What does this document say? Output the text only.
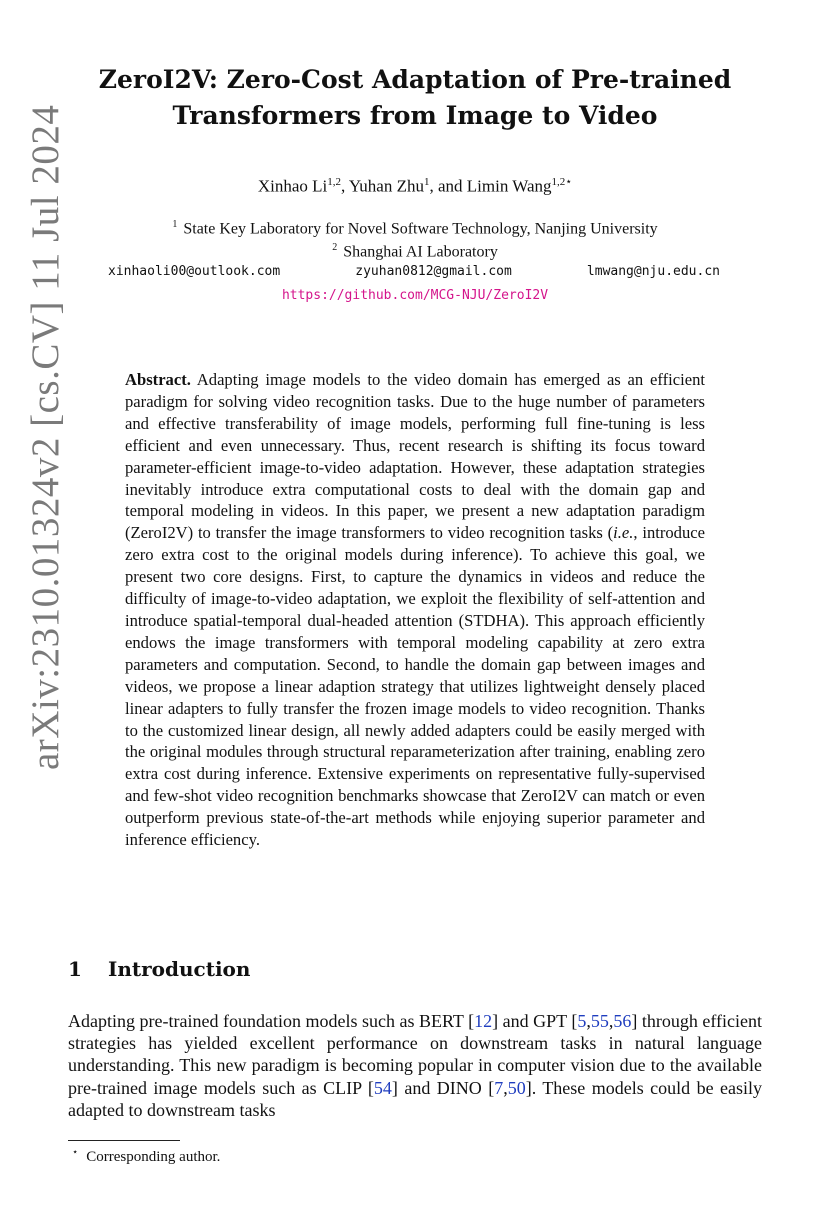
arXiv:2310.01324v2 [cs.CV] 11 Jul 2024
ZeroI2V: Zero-Cost Adaptation of Pre-trained
Transformers from Image to Video
Xinhao Li$^{1,2}$, Yuhan Zhu$^1$, and Limin Wang$^{1,2⋆}$
$^1$ State Key Laboratory for Novel Software Technology, Nanjing University
$^2$ Shanghai AI Laboratory
xinhaoli00@outlook.com	zyuhan0812@gmail.com	lmwang@nju.edu.cn
https://github.com/MCG-NJU/ZeroI2V
Abstract. Adapting image models to the video domain has emerged as an efficient paradigm for solving video recognition tasks. Due to the huge number of parameters and effective transferability of image models, performing full fine-tuning is less efficient and even unnecessary. Thus, recent research is shifting its focus toward parameter-efficient image-to-video adaptation. However, these adaptation strategies inevitably introduce extra computational costs to deal with the domain gap and temporal modeling in videos. In this paper, we present a new adaptation paradigm (ZeroI2V) to transfer the image transformers to video recognition tasks (i.e., introduce zero extra cost to the original models during inference). To achieve this goal, we present two core designs. First, to capture the dynamics in videos and reduce the difficulty of image-to-video adaptation, we exploit the flexibility of self-attention and introduce spatial-temporal dual-headed attention (STDHA). This approach efficiently endows the image transformers with temporal modeling capability at zero extra parameters and computation. Second, to handle the domain gap between images and videos, we propose a linear adaption strategy that utilizes lightweight densely placed linear adapters to fully transfer the frozen image models to video recognition. Thanks to the customized linear design, all newly added adapters could be easily merged with the original modules through structural reparameterization after training, enabling zero extra cost during inference. Extensive experiments on representative fully-supervised and few-shot video recognition benchmarks showcase that ZeroI2V can match or even outperform previous state-of-the-art methods while enjoying superior parameter and inference efficiency.
1 Introduction
Adapting pre-trained foundation models such as BERT [12] and GPT [5,55,56] through efficient strategies has yielded excellent performance on downstream tasks in natural language understanding. This new paradigm is becoming popular in computer vision due to the available pre-trained image models such as CLIP [54] and DINO [7,50]. These models could be easily adapted to downstream tasks
⋆ Corresponding author.
